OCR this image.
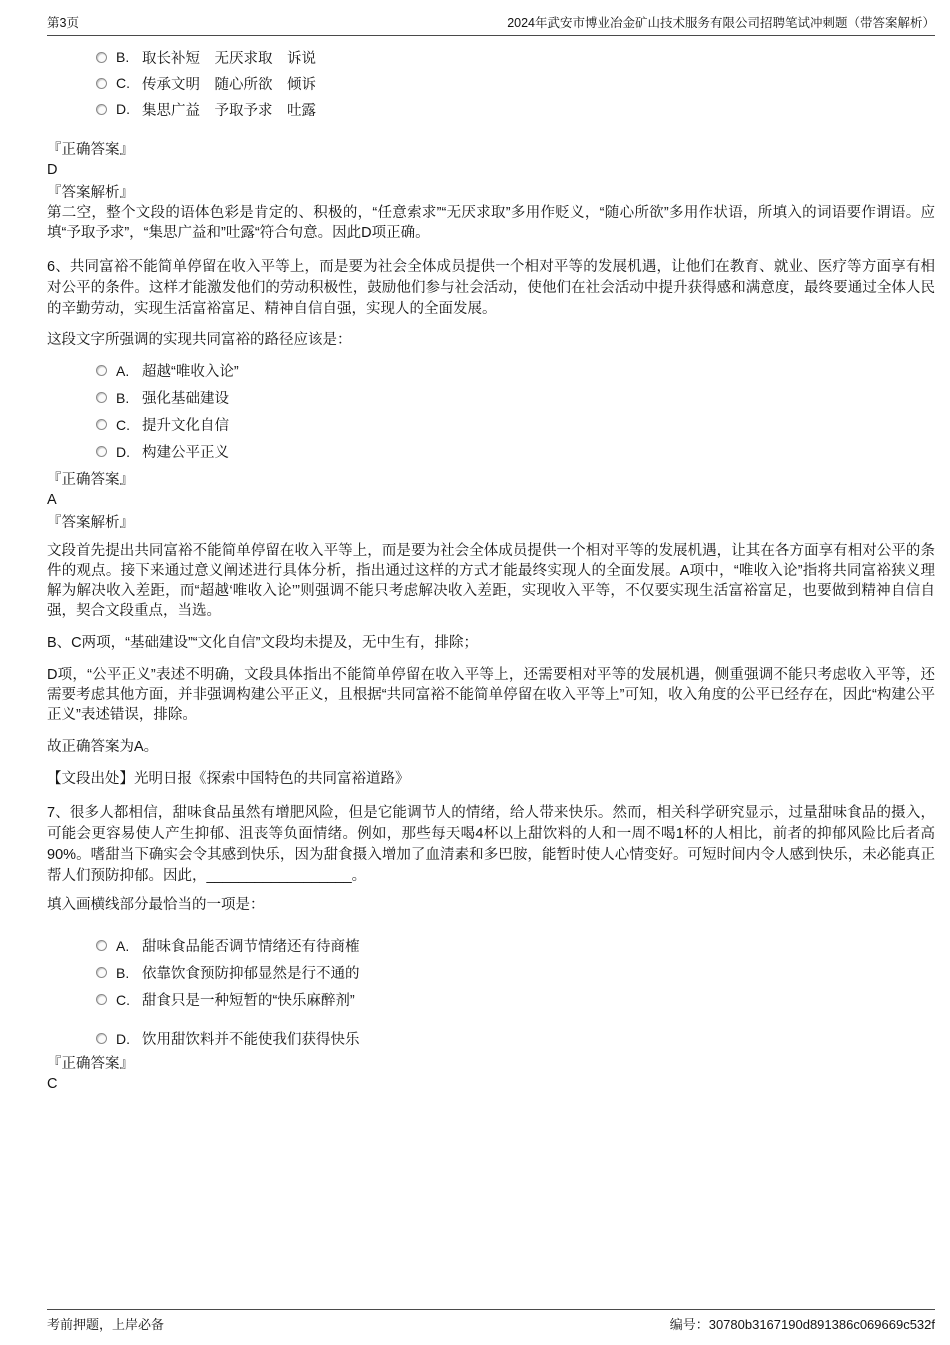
第3页	2024年武安市博业冶金矿山技术服务有限公司招聘笔试冲刺题（带答案解析）
B. 取长补短　无厌求取　诉说
C. 传承文明　随心所欲　倾诉
D. 集思广益　予取予求　吐露

『正确答案』

D

『答案解析』

第二空，整个文段的语体色彩是肯定的、积极的，“任意索求”“无厌求取”多用作贬义，“随心所欲”多用作状语，所填入的词语要作谓语。应填“予取予求”，“集思广益和”吐露“符合句意。因此D项正确。

6、共同富裕不能简单停留在收入平等上，而是要为社会全体成员提供一个相对平等的发展机遇，让他们在教育、就业、医疗等方面享有相对公平的条件。这样才能激发他们的劳动积极性，鼓励他们参与社会活动，使他们在社会活动中提升获得感和满意度，最终要通过全体人民的辛勤劳动，实现生活富裕富足、精神自信自强，实现人的全面发展。

这段文字所强调的实现共同富裕的路径应该是：

A. 超越“唯收入论”
B. 强化基础建设
C. 提升文化自信
D. 构建公平正义

『正确答案』

A

『答案解析』

文段首先提出共同富裕不能简单停留在收入平等上，而是要为社会全体成员提供一个相对平等的发展机遇，让其在各方面享有相对公平的条件的观点。接下来通过意义阐述进行具体分析，指出通过这样的方式才能最终实现人的全面发展。A项中，“唯收入论”指将共同富裕狭义理解为解决收入差距，而“超越‘唯收入论’”则强调不能只考虑解决收入差距，实现收入平等，不仅要实现生活富裕富足，也要做到精神自信自强，契合文段重点，当选。

B、C两项，“基础建设”“文化自信”文段均未提及，无中生有，排除；

D项，“公平正义”表述不明确，文段具体指出不能简单停留在收入平等上，还需要相对平等的发展机遇，侧重强调不能只考虑收入平等，还需要考虑其他方面，并非强调构建公平正义，且根据“共同富裕不能简单停留在收入平等上”可知，收入角度的公平已经存在，因此“构建公平正义”表述错误，排除。

故正确答案为A。

【文段出处】光明日报《探索中国特色的共同富裕道路》

7、很多人都相信，甜味食品虽然有增肥风险，但是它能调节人的情绪，给人带来快乐。然而，相关科学研究显示，过量甜味食品的摄入，可能会更容易使人产生抑郁、沮丧等负面情绪。例如，那些每天喝4杯以上甜饮料的人和一周不喝1杯的人相比，前者的抑郁风险比后者高90%。嗜甜当下确实会令其感到快乐，因为甜食摄入增加了血清素和多巴胺，能暂时使人心情变好。可短时间内令人感到快乐，未必能真正帮人们预防抑郁。因此，__________________。

填入画横线部分最恰当的一项是：

A. 甜味食品能否调节情绪还有待商榷
B. 依靠饮食预防抑郁显然是行不通的
C. 甜食只是一种短暂的“快乐麻醉剂”
D. 饮用甜饮料并不能使我们获得快乐

『正确答案』

C

考前押题，上岸必备	编号：30780b3167190d891386c069669c532f
